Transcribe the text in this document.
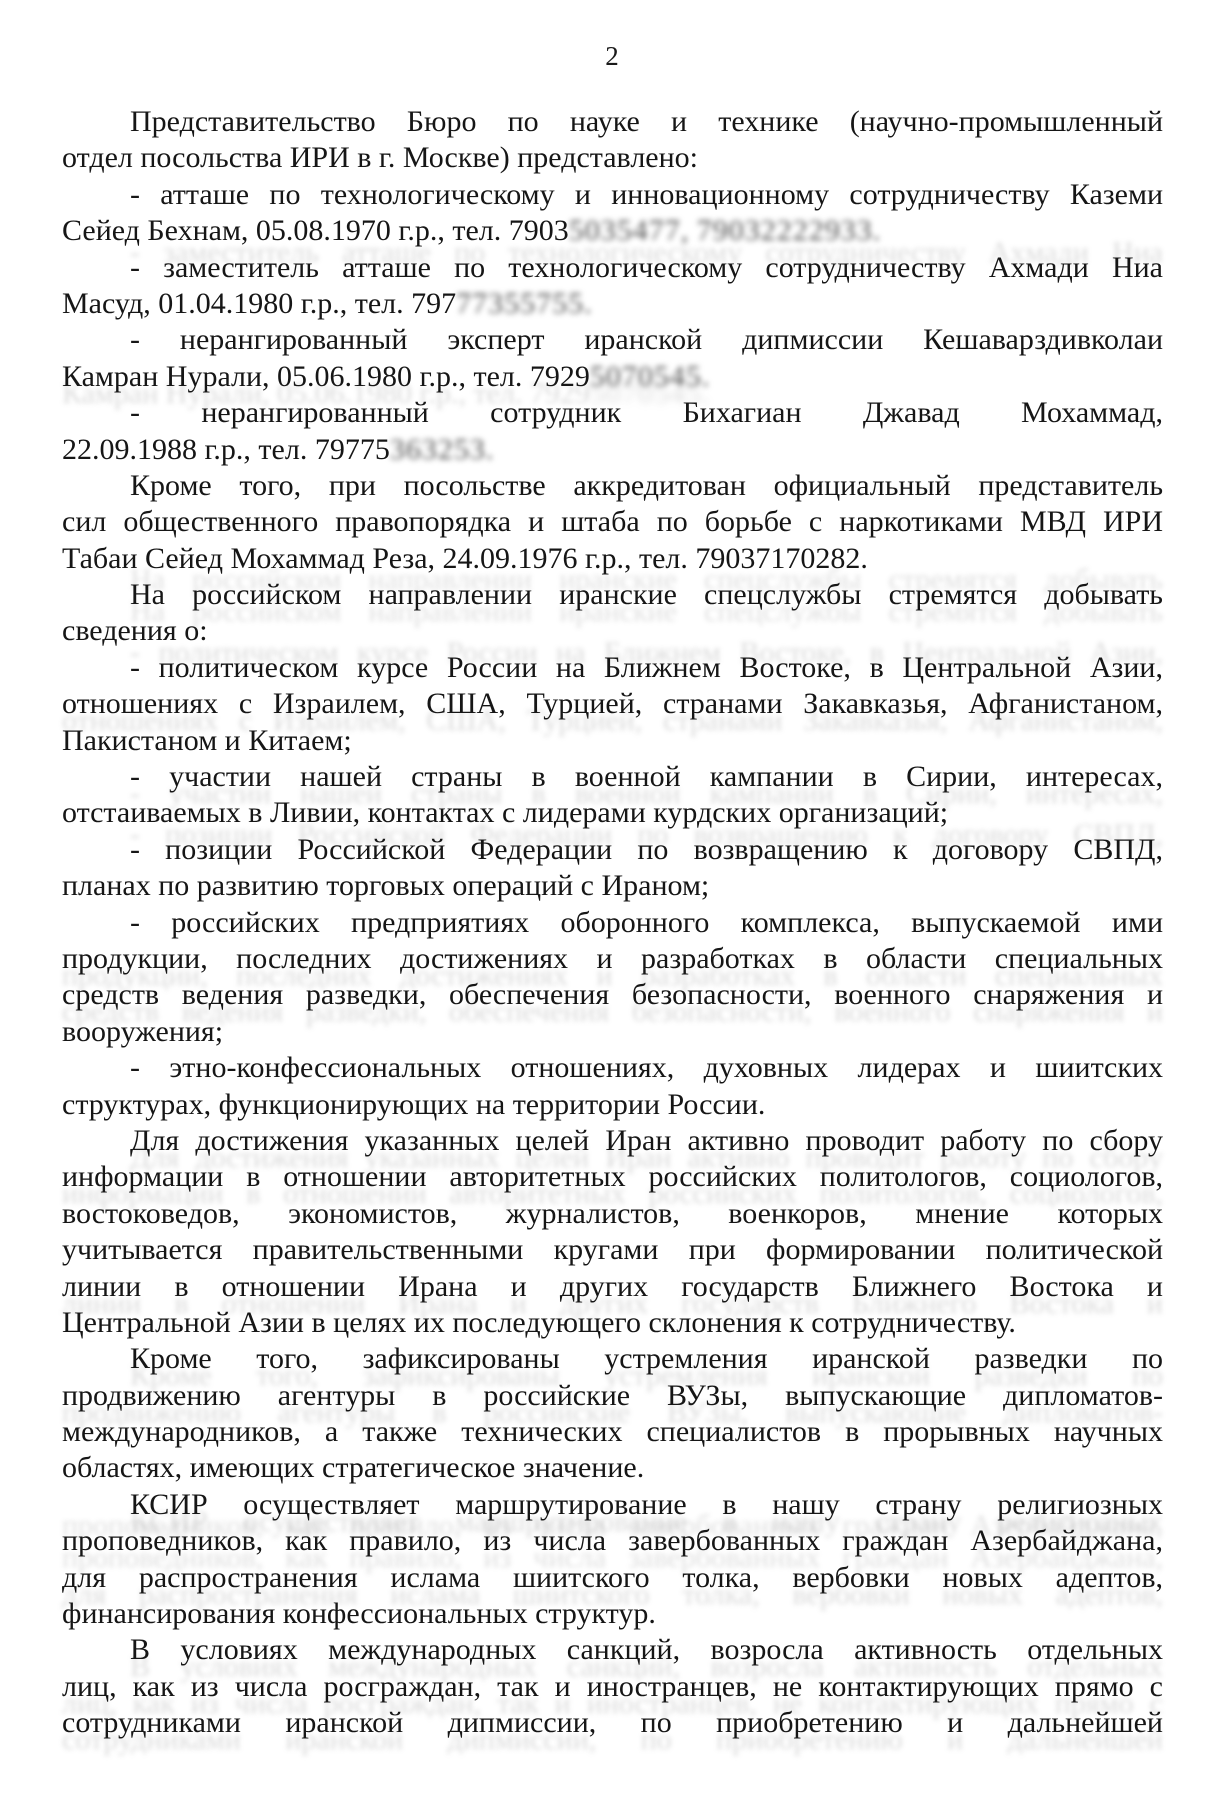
2
Представительство Бюро по науке и технике (научно-промышленный
отдел посольства ИРИ в г. Москве) представлено:
- атташе по технологическому и инновационному сотрудничеству Каземи
Сейед Бехнам, 05.08.1970 г.р., тел. 79035035477, 79032222933.
- заместитель атташе по технологическому сотрудничеству Ахмади Ниа
Масуд, 01.04.1980 г.р., тел. 79777355755.
- нерангированный эксперт иранской дипмиссии Кешаварздивколаи
Камран Нурали, 05.06.1980 г.р., тел. 79295070545.
- нерангированный сотрудник Бихагиан Джавад Мохаммад,
22.09.1988 г.р., тел. 79775363253.
Кроме того, при посольстве аккредитован официальный представитель
сил общественного правопорядка и штаба по борьбе с наркотиками МВД ИРИ
Табаи Сейед Мохаммад Реза, 24.09.1976 г.р., тел. 79037170282.
На российском направлении иранские спецслужбы стремятся добывать
сведения о:
- политическом курсе России на Ближнем Востоке, в Центральной Азии,
отношениях с Израилем, США, Турцией, странами Закавказья, Афганистаном,
Пакистаном и Китаем;
- участии нашей страны в военной кампании в Сирии, интересах,
отстаиваемых в Ливии, контактах с лидерами курдских организаций;
- позиции Российской Федерации по возвращению к договору СВПД,
планах по развитию торговых операций с Ираном;
- российских предприятиях оборонного комплекса, выпускаемой ими
продукции, последних достижениях и разработках в области специальных
средств ведения разведки, обеспечения безопасности, военного снаряжения и
вооружения;
- этно-конфессиональных отношениях, духовных лидерах и шиитских
структурах, функционирующих на территории России.
Для достижения указанных целей Иран активно проводит работу по сбору
информации в отношении авторитетных российских политологов, социологов,
востоковедов, экономистов, журналистов, военкоров, мнение которых
учитывается правительственными кругами при формировании политической
линии в отношении Ирана и других государств Ближнего Востока и
Центральной Азии в целях их последующего склонения к сотрудничеству.
Кроме того, зафиксированы устремления иранской разведки по
продвижению агентуры в российские ВУЗы, выпускающие дипломатов-
международников, а также технических специалистов в прорывных научных
областях, имеющих стратегическое значение.
КСИР осуществляет маршрутирование в нашу страну религиозных
проповедников, как правило, из числа завербованных граждан Азербайджана,
для распространения ислама шиитского толка, вербовки новых адептов,
финансирования конфессиональных структур.
В условиях международных санкций, возросла активность отдельных
лиц, как из числа росграждан, так и иностранцев, не контактирующих прямо с
сотрудниками иранской дипмиссии, по приобретению и дальнейшей
